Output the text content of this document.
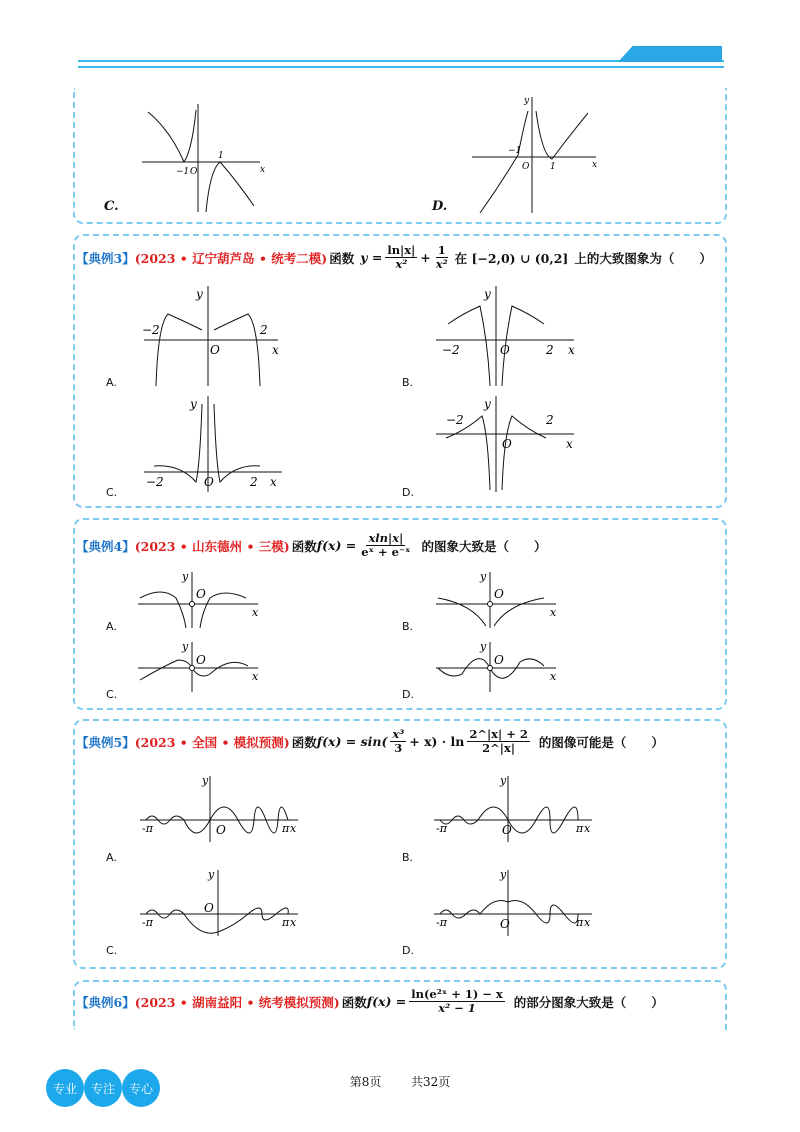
−1 O
1
x
C.
−1
O 1	x
y
D.
【典例3】 (2023 • 辽宁葫芦岛 • 统考二模) 函数 $y = \frac{\ln|x|}{\text{x²}} + \frac{1}{\text{x²}}$ 在 [−2,0) ∪ (0,2] 上的大致图象为（　　）
−2	2
O	x
y
A.
−2	2
O	x
y
B.
−2	2
O	x
y
C.
−2	2
O	x
y
D.
【典例4】 (2023 • 山东德州 • 三模) 函数 $f(x) = \frac{xln|x|}{\text{eˣ + e⁻ˣ}}$ 的图象大致是（　　）
O
x
y
A.
O
x
y
B.
O
x
y
C.
O
x
y
D.
【典例5】 (2023 • 全国 • 模拟预测) 函数 $f(x) = \sin( \frac{\text{x³}}{3} + x) \cdot \ln \frac{2\^{}|x| + 2}{2\^{}|x|}$ 的图像可能是（　　）
-π	O	π x
y
A.
-π	O	π x
y
B.
-π
O
π x
y
C.
-π	O	π x
y
D.
【典例6】 (2023 • 湖南益阳 • 统考模拟预测) 函数 $f(x) = \frac{\text{ln(e²ˣ + 1) − x}}{\text{x² − 1}}$ 的部分图象大致是（　　）
专业	专注	专心	第8页 共32页
